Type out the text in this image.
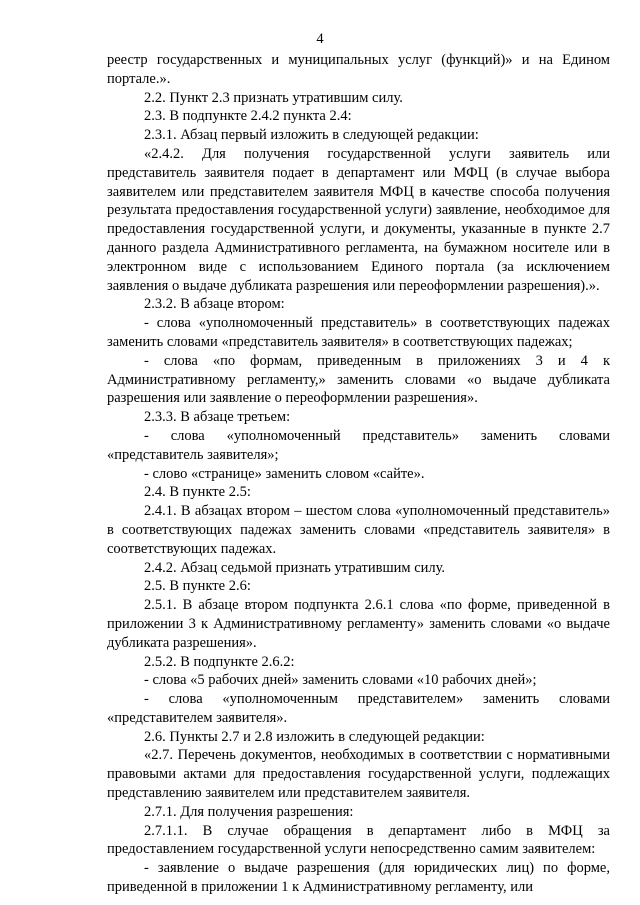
4

реестр государственных и муниципальных услуг (функций)» и на Едином портале.».

2.2. Пункт 2.3 признать утратившим силу.

2.3. В подпункте 2.4.2 пункта 2.4:

2.3.1. Абзац первый изложить в следующей редакции:

«2.4.2. Для получения государственной услуги заявитель или представитель заявителя подает в департамент или МФЦ (в случае выбора заявителем или представителем заявителя МФЦ в качестве способа получения результата предоставления государственной услуги) заявление, необходимое для предоставления государственной услуги, и документы, указанные в пункте 2.7 данного раздела Административного регламента, на бумажном носителе или в электронном виде с использованием Единого портала (за исключением заявления о выдаче дубликата разрешения или переоформлении разрешения).».

2.3.2. В абзаце втором:

- слова «уполномоченный представитель» в соответствующих падежах заменить словами «представитель заявителя» в соответствующих падежах;

- слова «по формам, приведенным в приложениях 3 и 4 к Административному регламенту,» заменить словами «о выдаче дубликата разрешения или заявление о переоформлении разрешения».

2.3.3. В абзаце третьем:

- слова «уполномоченный представитель» заменить словами «представитель заявителя»;

- слово «странице» заменить словом «сайте».

2.4. В пункте 2.5:

2.4.1. В абзацах втором – шестом слова «уполномоченный представитель» в соответствующих падежах заменить словами «представитель заявителя» в соответствующих падежах.

2.4.2. Абзац седьмой признать утратившим силу.

2.5. В пункте 2.6:

2.5.1. В абзаце втором подпункта 2.6.1 слова «по форме, приведенной в приложении 3 к Административному регламенту» заменить словами «о выдаче дубликата разрешения».

2.5.2. В подпункте 2.6.2:

- слова «5 рабочих дней» заменить словами «10 рабочих дней»;

- слова «уполномоченным представителем» заменить словами «представителем заявителя».

2.6. Пункты 2.7 и 2.8 изложить в следующей редакции:

«2.7. Перечень документов, необходимых в соответствии с нормативными правовыми актами для предоставления государственной услуги, подлежащих представлению заявителем или представителем заявителя.

2.7.1. Для получения разрешения:

2.7.1.1. В случае обращения в департамент либо в МФЦ за предоставлением государственной услуги непосредственно самим заявителем:

- заявление о выдаче разрешения (для юридических лиц) по форме, приведенной в приложении 1 к Административному регламенту, или
